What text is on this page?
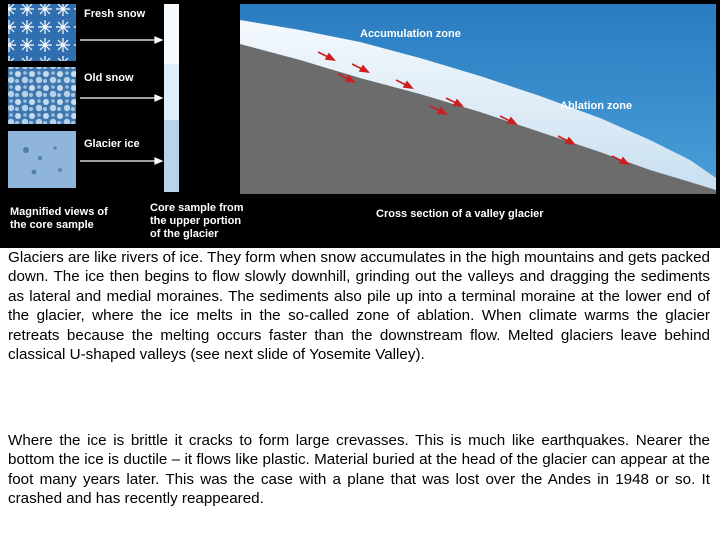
Fresh snow
Old snow
Glacier ice
Magnified views of
the core sample
Core sample from
the upper portion
of the glacier
Accumulation zone
Ablation zone
Cross section of a valley glacier

Glaciers are like rivers of ice. They form when snow accumulates in the high mountains and gets packed down. The ice then begins to flow slowly downhill, grinding out the valleys and dragging the sediments as lateral and medial moraines. The sediments also pile up into a terminal moraine at the lower end of the glacier, where the ice melts in the so-called zone of ablation. When climate warms the glacier retreats because the melting occurs faster than the downstream flow. Melted glaciers leave behind classical U-shaped valleys (see next slide of Yosemite Valley).

Where the ice is brittle it cracks to form large crevasses. This is much like earthquakes. Nearer the bottom the ice is ductile – it flows like plastic. Material buried at the head of the glacier can appear at the foot many years later. This was the case with a plane that was lost over the Andes in 1948 or so. It crashed and has recently reappeared.
